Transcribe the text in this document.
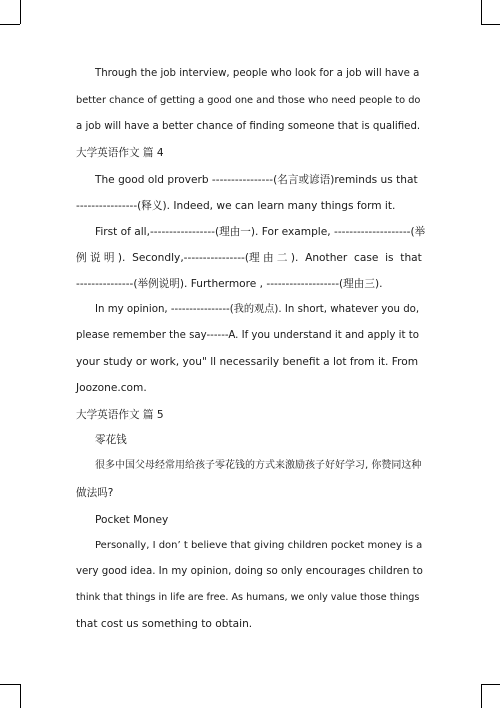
Through the job interview, people who look for a job will have a
better chance of getting a good one and those who need people to do
a job will have a better chance of finding someone that is qualified.
大学英语作文 篇 4
The good old proverb ----------------(名言或谚语)reminds us that
----------------(释义). Indeed, we can learn many things form it.
First of all,-----------------(理由一). For example, --------------------(举
例 说 明 ).  Secondly,----------------(理 由 二 ).  Another  case  is  that
---------------(举例说明). Furthermore , -------------------(理由三).
In my opinion, ----------------(我的观点). In short, whatever you do,
please remember the say------A. If you understand it and apply it to
your study or work, you" ll necessarily benefit a lot from it. From
Joozone.com.
大学英语作文 篇 5
零花钱
很多中国父母经常用给孩子零花钱的方式来激励孩子好好学习, 你赞同这种
做法吗?
Pocket Money
Personally, I don’ t believe that giving children pocket money is a
very good idea. In my opinion, doing so only encourages children to
think that things in life are free. As humans, we only value those things
that cost us something to obtain.
